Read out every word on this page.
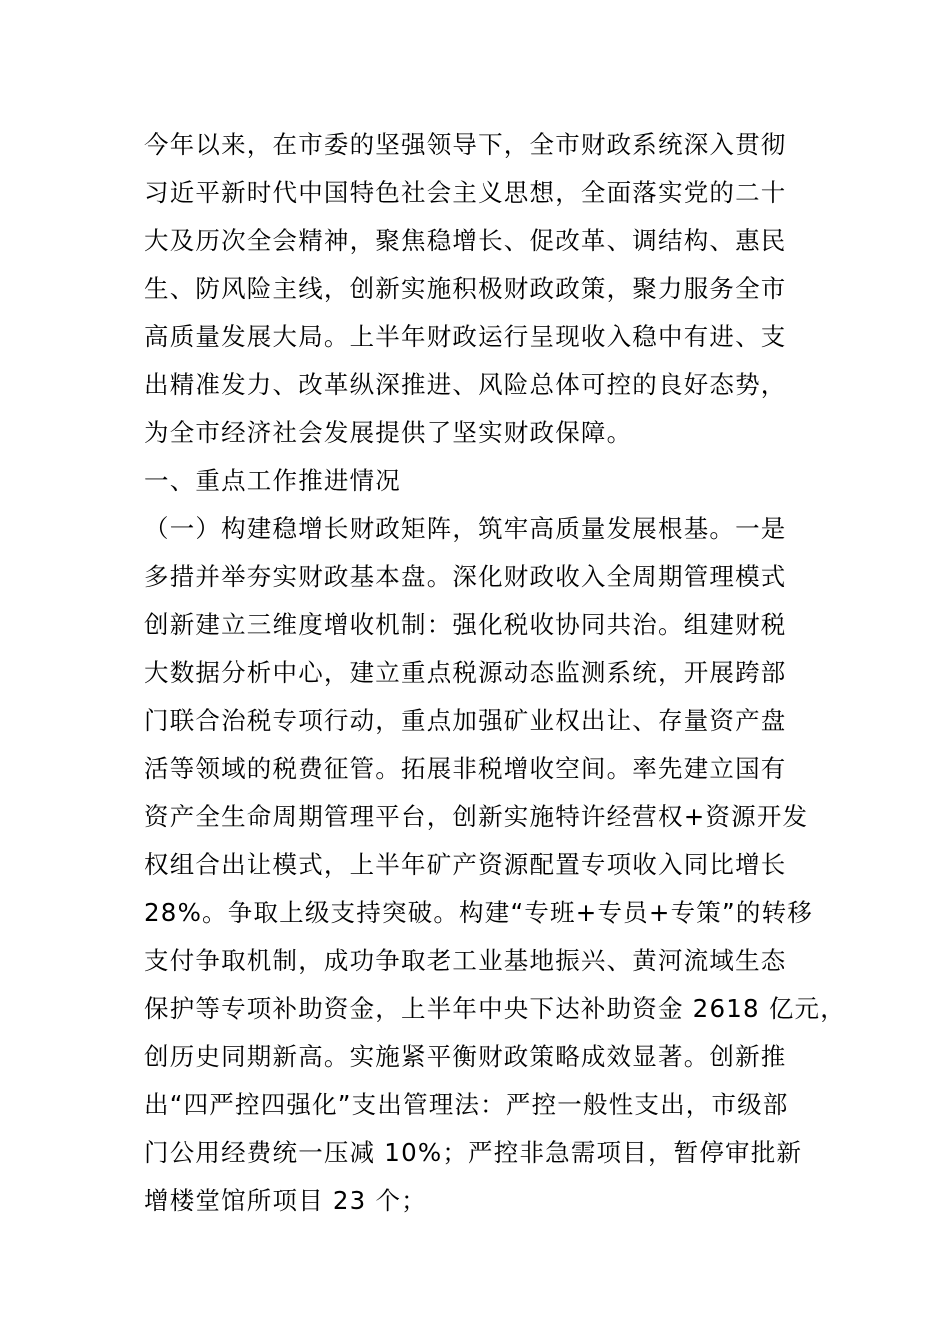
今年以来，在市委的坚强领导下，全市财政系统深入贯彻
习近平新时代中国特色社会主义思想，全面落实党的二十
大及历次全会精神，聚焦稳增长、促改革、调结构、惠民
生、防风险主线，创新实施积极财政政策，聚力服务全市
高质量发展大局。上半年财政运行呈现收入稳中有进、支
出精准发力、改革纵深推进、风险总体可控的良好态势，
为全市经济社会发展提供了坚实财政保障。
一、重点工作推进情况
（一）构建稳增长财政矩阵，筑牢高质量发展根基。一是
多措并举夯实财政基本盘。深化财政收入全周期管理模式
创新建立三维度增收机制：强化税收协同共治。组建财税
大数据分析中心，建立重点税源动态监测系统，开展跨部
门联合治税专项行动，重点加强矿业权出让、存量资产盘
活等领域的税费征管。拓展非税增收空间。率先建立国有
资产全生命周期管理平台，创新实施特许经营权+资源开发
权组合出让模式，上半年矿产资源配置专项收入同比增长
28%。争取上级支持突破。构建“专班+专员+专策”的转移
支付争取机制，成功争取老工业基地振兴、黄河流域生态
保护等专项补助资金，上半年中央下达补助资金 2618 亿元，
创历史同期新高。实施紧平衡财政策略成效显著。创新推
出“四严控四强化”支出管理法：严控一般性支出，市级部
门公用经费统一压减 10%；严控非急需项目，暂停审批新
增楼堂馆所项目 23 个；
